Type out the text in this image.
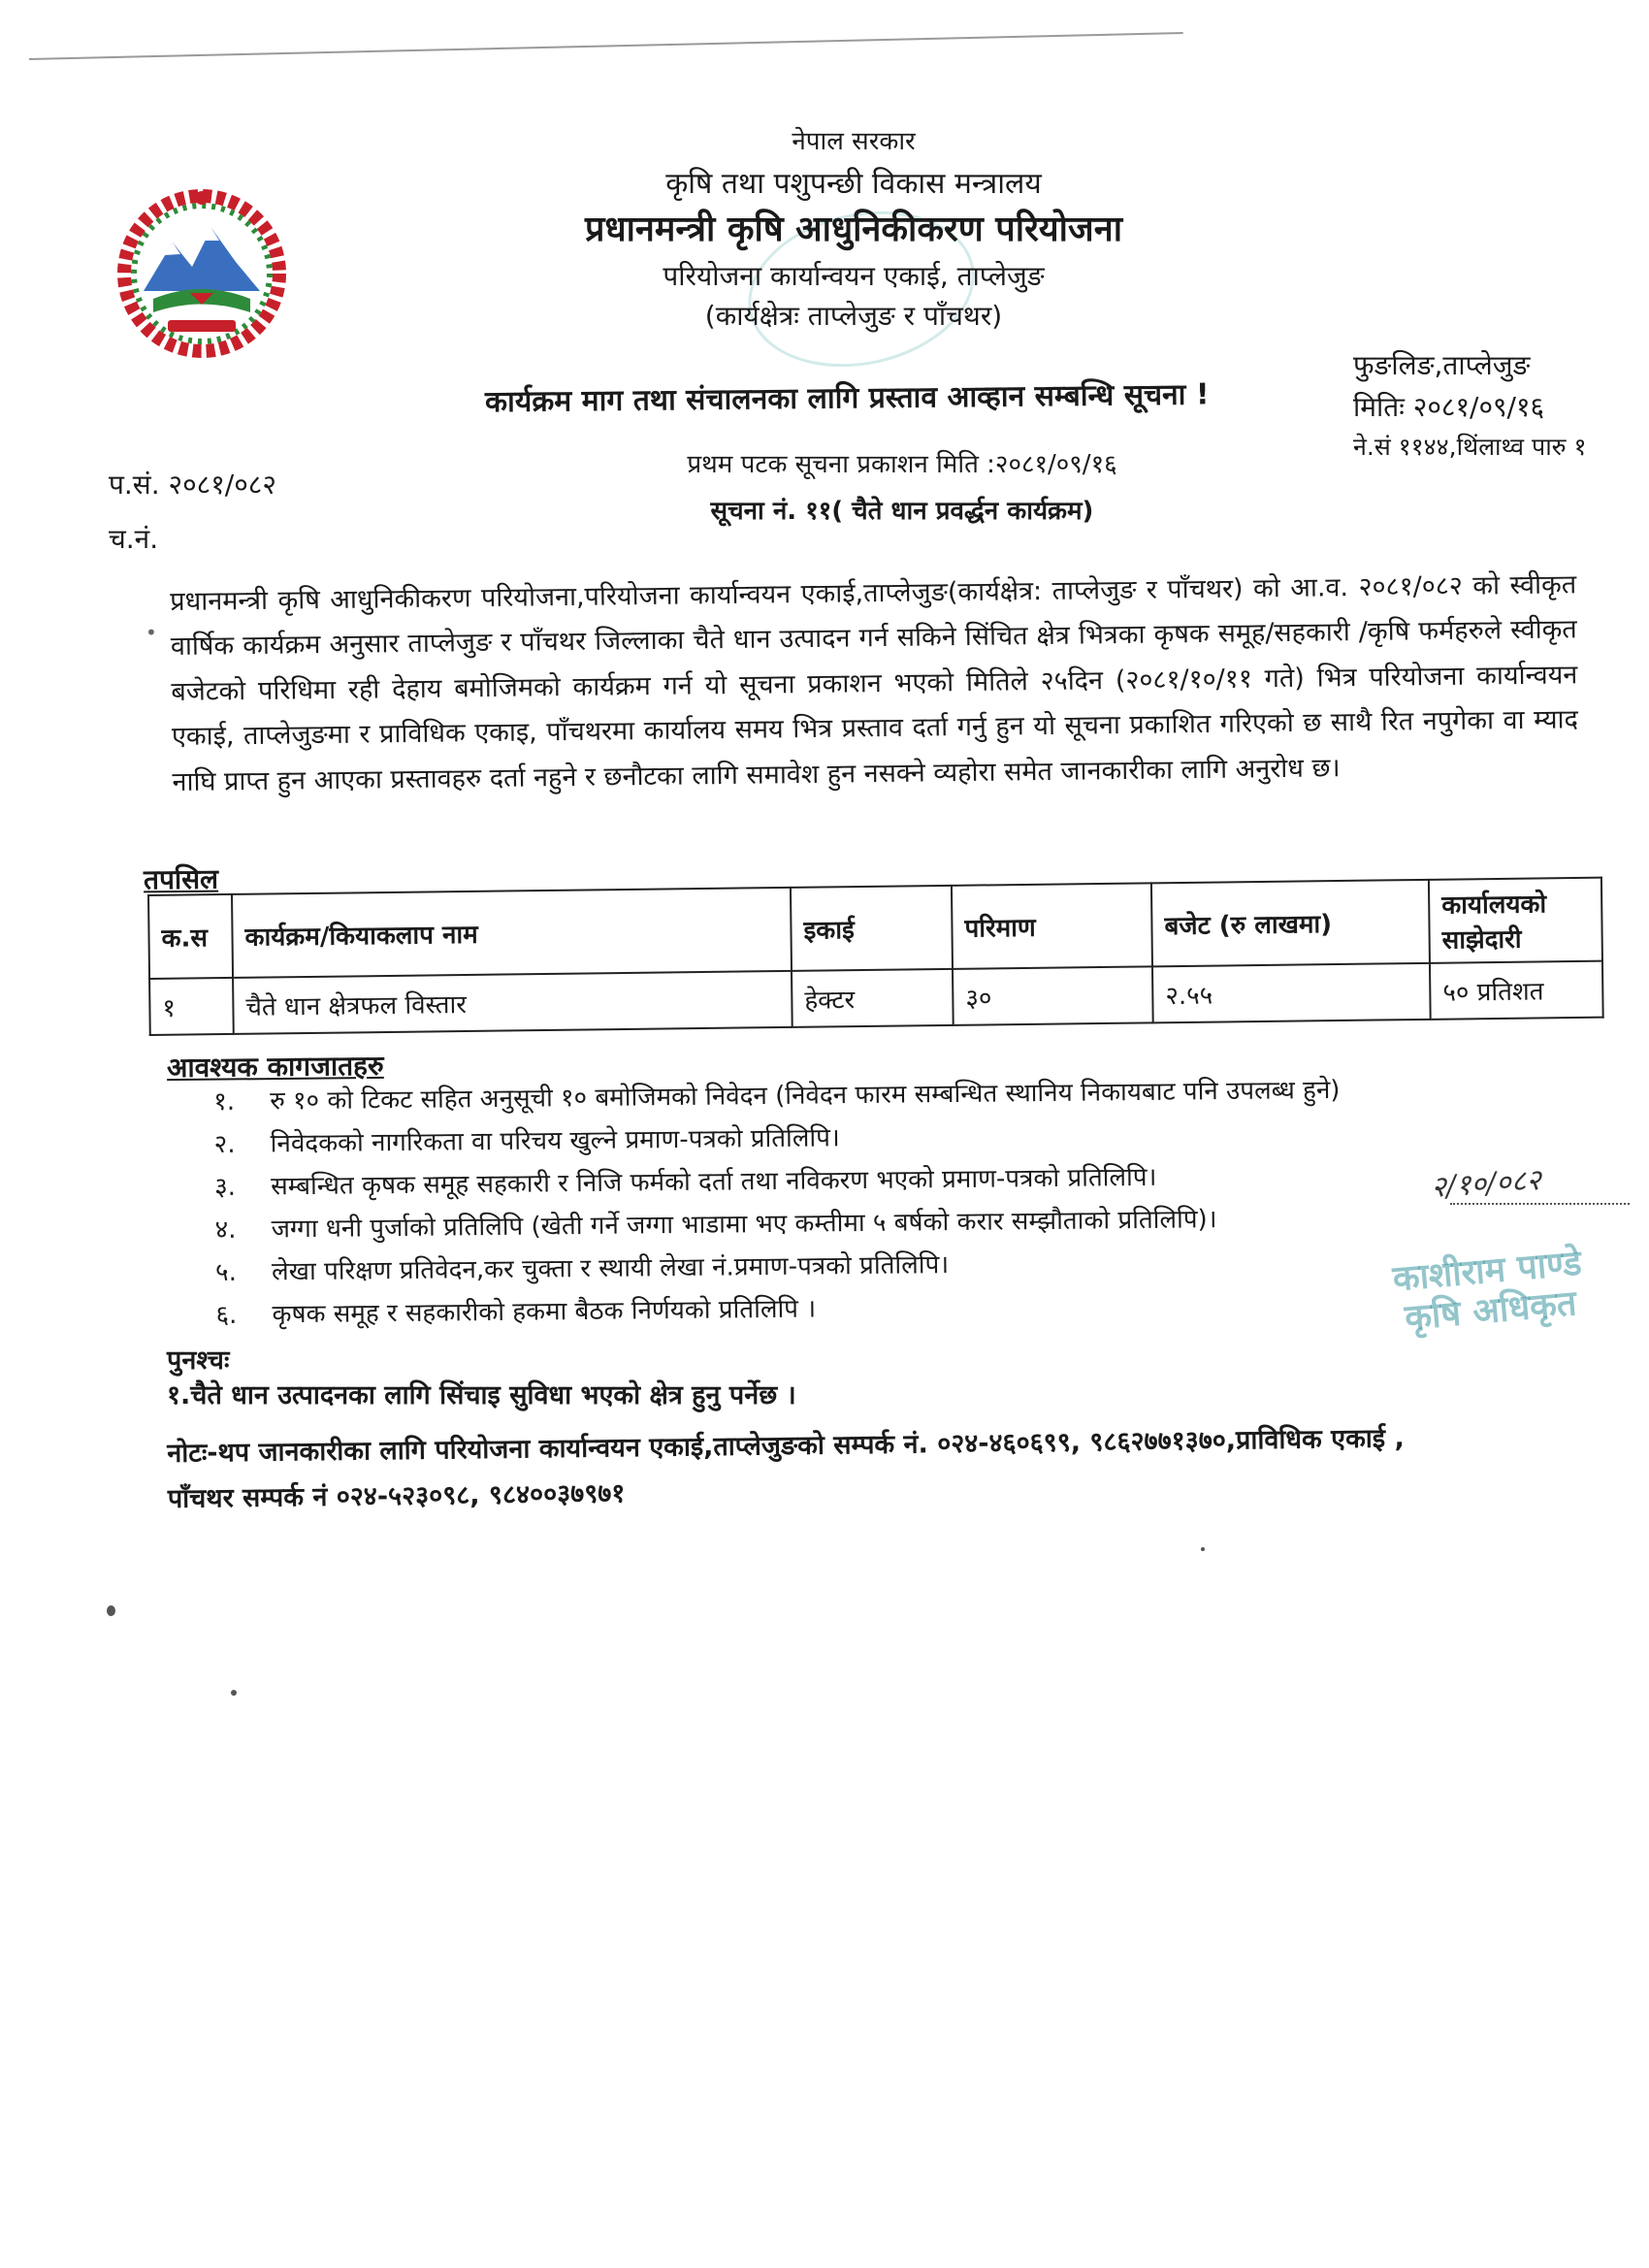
नेपाल सरकार
कृषि तथा पशुपन्छी विकास मन्त्रालय
प्रधानमन्त्री कृषि आधुनिकीकरण परियोजना
परियोजना कार्यान्वयन एकाई, ताप्लेजुङ
(कार्यक्षेत्रः ताप्लेजुङ र पाँचथर)
फुङलिङ,ताप्लेजुङ
मितिः २०८१/०९/१६
ने.सं ११४४,थिंलाथ्व पारु १
कार्यक्रम माग तथा संचालनका लागि प्रस्ताव आव्हान सम्बन्धि सूचना !
प.सं. २०८१/०८२
च.नं.
प्रथम पटक सूचना प्रकाशन मिति :२०८१/०९/१६
सूचना नं. ११( चैते धान प्रवर्द्धन कार्यक्रम)
•
प्रधानमन्त्री कृषि आधुनिकीकरण परियोजना,परियोजना कार्यान्वयन एकाई,ताप्लेजुङ(कार्यक्षेत्र: ताप्लेजुङ र पाँचथर) को आ.व. २०८१/०८२ को स्वीकृत वार्षिक कार्यक्रम अनुसार ताप्लेजुङ र पाँचथर जिल्लाका चैते धान उत्पादन गर्न सकिने सिंचित क्षेत्र भित्रका कृषक समूह/सहकारी /कृषि फर्महरुले स्वीकृत बजेटको परिधिमा रही देहाय बमोजिमको कार्यक्रम गर्न यो सूचना प्रकाशन भएको मितिले २५दिन (२०८१/१०/११ गते) भित्र परियोजना कार्यान्वयन एकाई, ताप्लेजुङमा र प्राविधिक एकाइ, पाँचथरमा कार्यालय समय भित्र प्रस्ताव दर्ता गर्नु हुन यो सूचना प्रकाशित गरिएको छ साथै रित नपुगेका वा म्याद नाघि प्राप्त हुन आएका प्रस्तावहरु दर्ता नहुने र छनौटका लागि समावेश हुन नसक्ने व्यहोरा समेत जानकारीका लागि अनुरोध छ।
तपसिल
क.स	कार्यक्रम/कियाकलाप नाम	इकाई	परिमाण	बजेट (रु लाखमा)	कार्यालयको साझेदारी
१	चैते धान क्षेत्रफल विस्तार	हेक्टर	३०	२.५५	५० प्रतिशत
आवश्यक कागजातहरु
१.	रु १० को टिकट सहित अनुसूची १० बमोजिमको निवेदन (निवेदन फारम सम्बन्धित स्थानिय निकायबाट पनि उपलब्ध हुने)
२.	निवेदकको नागरिकता वा परिचय खुल्ने प्रमाण-पत्रको प्रतिलिपि।
३.	सम्बन्धित कृषक समूह सहकारी र निजि फर्मको दर्ता तथा नविकरण भएको प्रमाण-पत्रको प्रतिलिपि।
४.	जग्गा धनी पुर्जाको प्रतिलिपि (खेती गर्ने जग्गा भाडामा भए कम्तीमा ५ बर्षको करार सम्झौताको प्रतिलिपि)।
५.	लेखा परिक्षण प्रतिवेदन,कर चुक्ता र स्थायी लेखा नं.प्रमाण-पत्रको प्रतिलिपि।
६.	कृषक समूह र सहकारीको हकमा बैठक निर्णयको प्रतिलिपि ।
२/१०/०८२
काशीराम पाण्डे
कृषि अधिकृत
पुनश्चः
१.चैते धान उत्पादनका लागि सिंचाइ सुविधा भएको क्षेत्र हुनु पर्नेछ ।
नोटः-थप जानकारीका लागि परियोजना कार्यान्वयन एकाई,ताप्लेजुङको सम्पर्क नं. ०२४-४६०६९९, ९८६२७७१३७०,प्राविधिक एकाई ,
पाँचथर सम्पर्क नं ०२४-५२३०९८, ९८४००३७९७१
